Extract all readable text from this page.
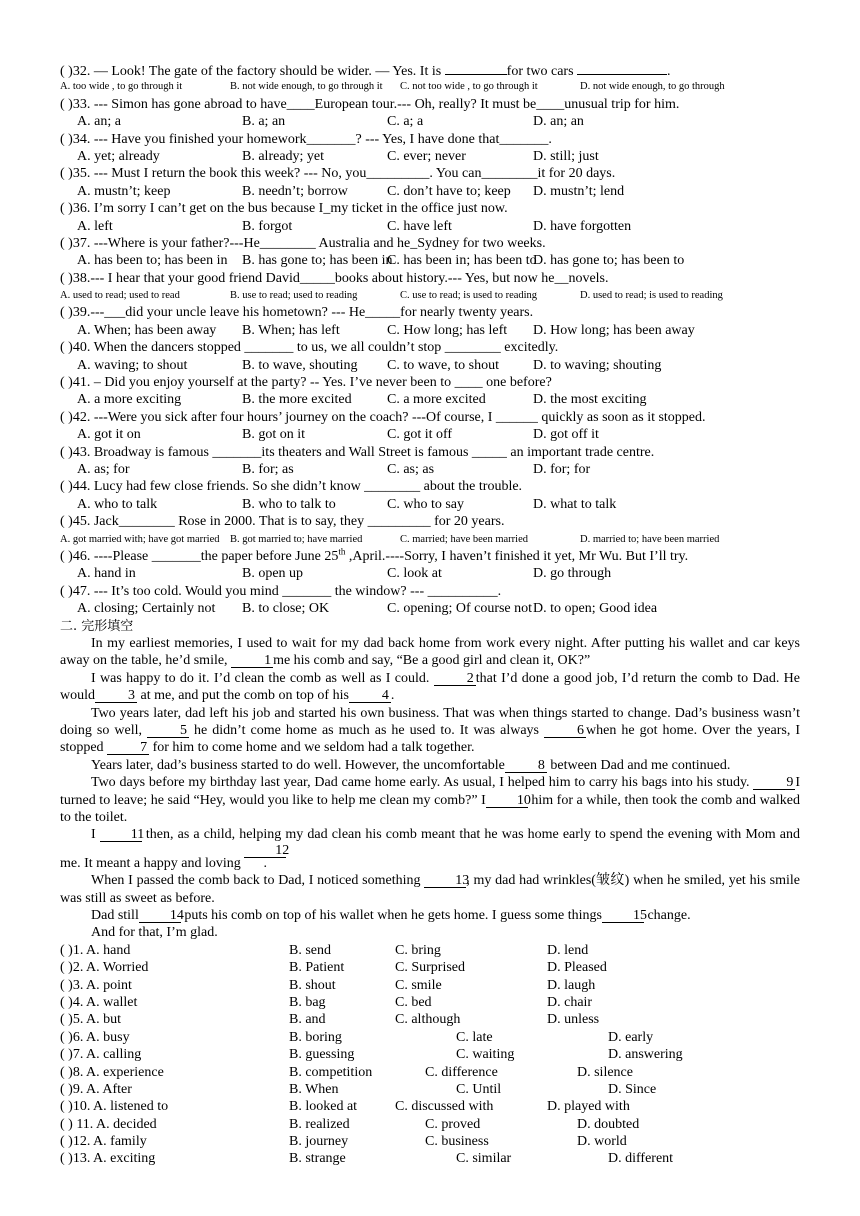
( )32. — Look! The gate of the factory should be wider. — Yes. It is	for two cars	.
A. too wide , to go through it	B. not wide enough, to go through it C. not too wide , to go through it	D. not wide enough, to go through
( )33. --- Simon has gone abroad to have____European tour.--- Oh, really? It must be____unusual trip for him.
A. an; a	B. a; an	C. a; a	D. an; an
( )34. --- Have you finished your homework_______? --- Yes, I have done that_______.
A. yet; already	B. already; yet	C. ever; never	D. still; just
( )35. --- Must I return the book this week? --- No, you_________. You can________it for 20 days.
A. mustn’t; keep	B. needn’t; borrow	C. don’t have to; keep D. mustn’t; lend
( )36. I’m sorry I can’t get on the bus because I_my ticket in the office just now.
A. left	B. forgot	C. have left	D. have forgotten
( )37. ---Where is your father?---He________ Australia and he_Sydney for two weeks.
A. has been to; has been in B. has gone to; has been in
C. has been in; has been to
D. has gone to; has been to
( )38.--- I hear that your good friend David_____books about history.--- Yes, but now he__novels.
A. used to read; used to read	B. use to read; used to reading	C. use to read; is used to reading	D. used to read; is used to reading
( )39.---___did your uncle leave his hometown? --- He_____for nearly twenty years.
A. When; has been away B. When; has left	C. How long; has left D. How long; has been away
( )40. When the dancers stopped _______ to us, we all couldn’t stop ________ excitedly.
A. waving; to shout	B. to wave, shouting C. to wave, to shout D. to waving; shouting
( )41. – Did you enjoy yourself at the party? -- Yes. I’ve never been to ____ one before?
A. a more exciting	B. the more excited	C. a more excited	D. the most exciting
( )42. ---Were you sick after four hours’ journey on the coach? ---Of course, I ______ quickly as soon as it stopped.
A. got it on	B. got on it	C. got it off	D. got off it
( )43. Broadway is famous _______its theaters and Wall Street is famous _____ an important trade centre.
A. as; for	B. for; as	C. as; as	D. for; for
( )44. Lucy had few close friends. So she didn’t know ________ about the trouble.
A. who to talk	B. who to talk to	C. who to say	D. what to talk
( )45. Jack________ Rose in 2000. That is to say, they _________ for 20 years.
A. got married with; have got married B. got married to; have married	C. married; have been married	D. married to; have been married
( )46. ----Please _______the paper before June 25th ,April.----Sorry, I haven’t finished it yet, Mr Wu. But I’ll try.
A. hand in	B. open up	C. look at	D. go through
( )47. --- It’s too cold. Would you mind _______ the window? --- __________.
A. closing; Certainly not B. to close; OK	C. opening; Of course not D. to open; Good idea
二. 完形填空
In my earliest memories, I used to wait for my dad back home from work every night. After putting his wallet and car keys away on the table, he’d smile, 1 me his comb and say, “Be a good girl and clean it, OK?”
I was happy to do it. I’d clean the comb as well as I could. 2 that I’d done a good job, I’d return the comb to Dad. He would 3 at me, and put the comb on top of his 4 .
Two years later, dad left his job and started his own business. That was when things started to change. Dad’s business wasn’t doing so well, 5 he didn’t come home as much as he used to. It was always 6 when he got home. Over the years, I stopped 7 for him to come home and we seldom had a talk together.
Years later, dad’s business started to do well. However, the uncomfortable 8 between Dad and me continued.
Two days before my birthday last year, Dad came home early. As usual, I helped him to carry his bags into his study. 9 I turned to leave; he said “Hey, would you like to help me clean my comb?” I 10 him for a while, then took the comb and walked to the toilet.
I 11 then, as a child, helping my dad clean his comb meant that he was home early to spend the evening with Mom and me. It meant a happy and loving 12 .
When I passed the comb back to Dad, I noticed something 13, my dad had wrinkles(皱纹) when he smiled, yet his smile was still as sweet as before.
Dad still 14 puts his comb on top of his wallet when he gets home. I guess some things 15 change.
And for that, I’m glad.
( )1. A. hand	B. send	C. bring	D. lend
( )2. A. Worried	B. Patient	C. Surprised	D. Pleased
( )3. A. point	B. shout	C. smile	D. laugh
( )4. A. wallet	B. bag	C. bed	D. chair
( )5. A. but	B. and	C. although	D. unless
( )6. A. busy	B. boring	C. late	D. early
( )7. A. calling	B. guessing	C. waiting	D. answering
( )8. A. experience	B. competition	C. difference	D. silence
( )9. A. After	B. When	C. Until	D. Since
( )10. A. listened to	B. looked at	C. discussed with	D. played with
( ) 11. A. decided	B. realized	C. proved	D. doubted
( )12. A. family	B. journey	C. business	D. world
( )13. A. exciting	B. strange	C. similar	D. different
